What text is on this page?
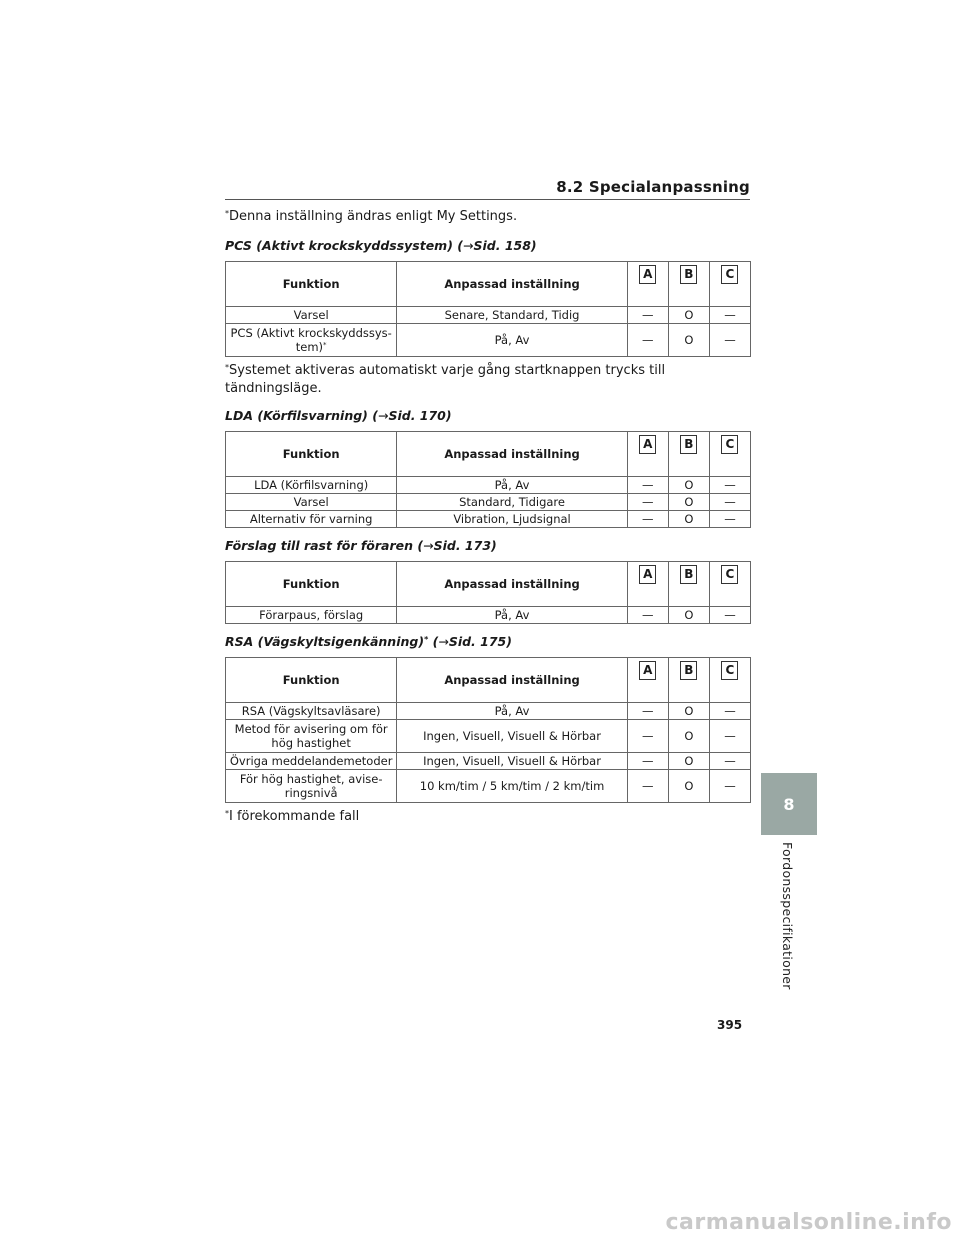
8.2 Specialanpassning

*Denna inställning ändras enligt My Settings.

PCS (Aktivt krockskyddssystem) (→Sid. 158)

Funktion	Anpassad inställning	A	B	C
Varsel	Senare, Standard, Tidig	—	O	—
PCS (Aktivt krockskyddssys-tem)*	På, Av	—	O	—

*Systemet aktiveras automatiskt varje gång startknappen trycks till tändningsläge.

LDA (Körfilsvarning) (→Sid. 170)

Funktion	Anpassad inställning	A	B	C
LDA (Körfilsvarning)	På, Av	—	O	—
Varsel	Standard, Tidigare	—	O	—
Alternativ för varning	Vibration, Ljudsignal	—	O	—

Förslag till rast för föraren (→Sid. 173)

Funktion	Anpassad inställning	A	B	C
Förarpaus, förslag	På, Av	—	O	—

RSA (Vägskyltsigenkänning)* (→Sid. 175)

Funktion	Anpassad inställning	A	B	C
RSA (Vägskyltsavläsare)	På, Av	—	O	—
Metod för avisering om för hög hastighet	Ingen, Visuell, Visuell & Hörbar	—	O	—
Övriga meddelandemetoder	Ingen, Visuell, Visuell & Hörbar	—	O	—
För hög hastighet, avise-ringsnivå	10 km/tim / 5 km/tim / 2 km/tim	—	O	—

*I förekommande fall

8
Fordonsspecifikationer
395
carmanualsonline.info
